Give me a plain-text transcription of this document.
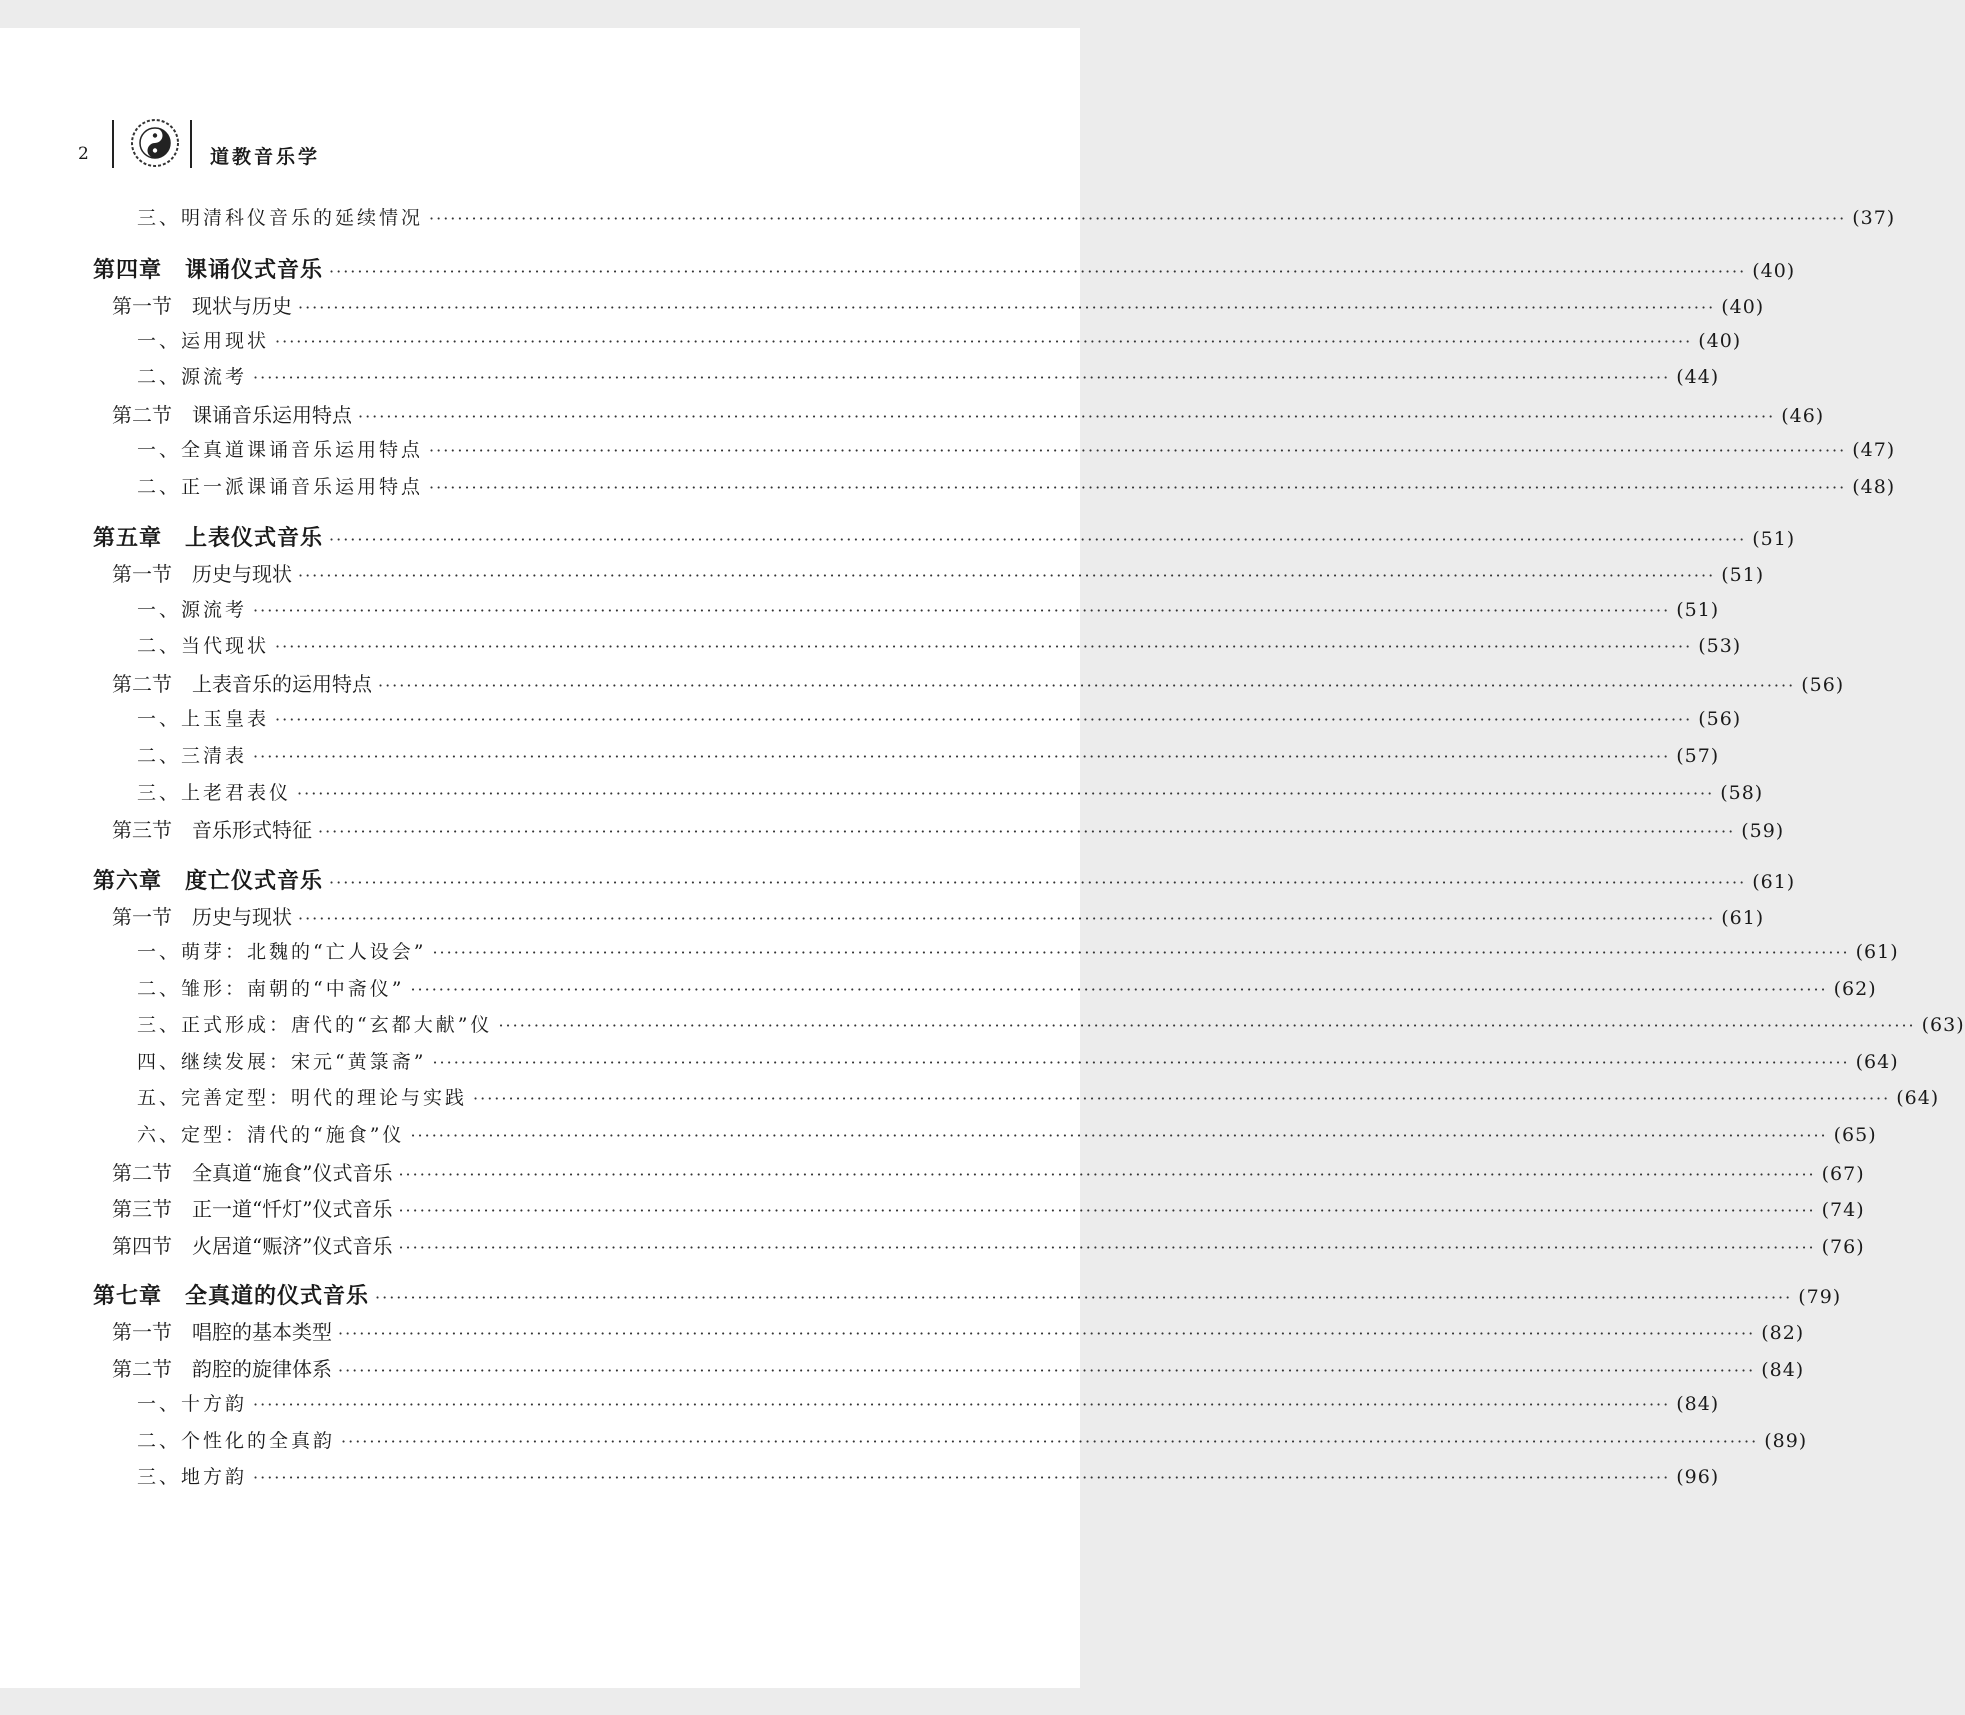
2	道教音乐学
三、明清科仪音乐的延续情况 ········································································································································································································ (37)
第四章　课诵仪式音乐 ········································································································································································································ (40)
第一节　现状与历史 ········································································································································································································ (40)
一、运用现状 ········································································································································································································ (40)
二、源流考 ········································································································································································································ (44)
第二节　课诵音乐运用特点 ········································································································································································································ (46)
一、全真道课诵音乐运用特点 ········································································································································································································ (47)
二、正一派课诵音乐运用特点 ········································································································································································································ (48)
第五章　上表仪式音乐 ········································································································································································································ (51)
第一节　历史与现状 ········································································································································································································ (51)
一、源流考 ········································································································································································································ (51)
二、当代现状 ········································································································································································································ (53)
第二节　上表音乐的运用特点 ········································································································································································································ (56)
一、上玉皇表 ········································································································································································································ (56)
二、三清表 ········································································································································································································ (57)
三、上老君表仪 ········································································································································································································ (58)
第三节　音乐形式特征 ········································································································································································································ (59)
第六章　度亡仪式音乐 ········································································································································································································ (61)
第一节　历史与现状 ········································································································································································································ (61)
一、萌芽：北魏的“亡人设会” ········································································································································································································ (61)
二、雏形：南朝的“中斋仪” ········································································································································································································ (62)
三、正式形成：唐代的“玄都大献”仪 ········································································································································································································ (63)
四、继续发展：宋元“黄箓斋” ········································································································································································································ (64)
五、完善定型：明代的理论与实践 ········································································································································································································ (64)
六、定型：清代的“施食”仪 ········································································································································································································ (65)
第二节　全真道“施食”仪式音乐 ········································································································································································································ (67)
第三节　正一道“忏灯”仪式音乐 ········································································································································································································ (74)
第四节　火居道“赈济”仪式音乐 ········································································································································································································ (76)
第七章　全真道的仪式音乐 ········································································································································································································ (79)
第一节　唱腔的基本类型 ········································································································································································································ (82)
第二节　韵腔的旋律体系 ········································································································································································································ (84)
一、十方韵 ········································································································································································································ (84)
二、个性化的全真韵 ········································································································································································································ (89)
三、地方韵 ········································································································································································································ (96)
